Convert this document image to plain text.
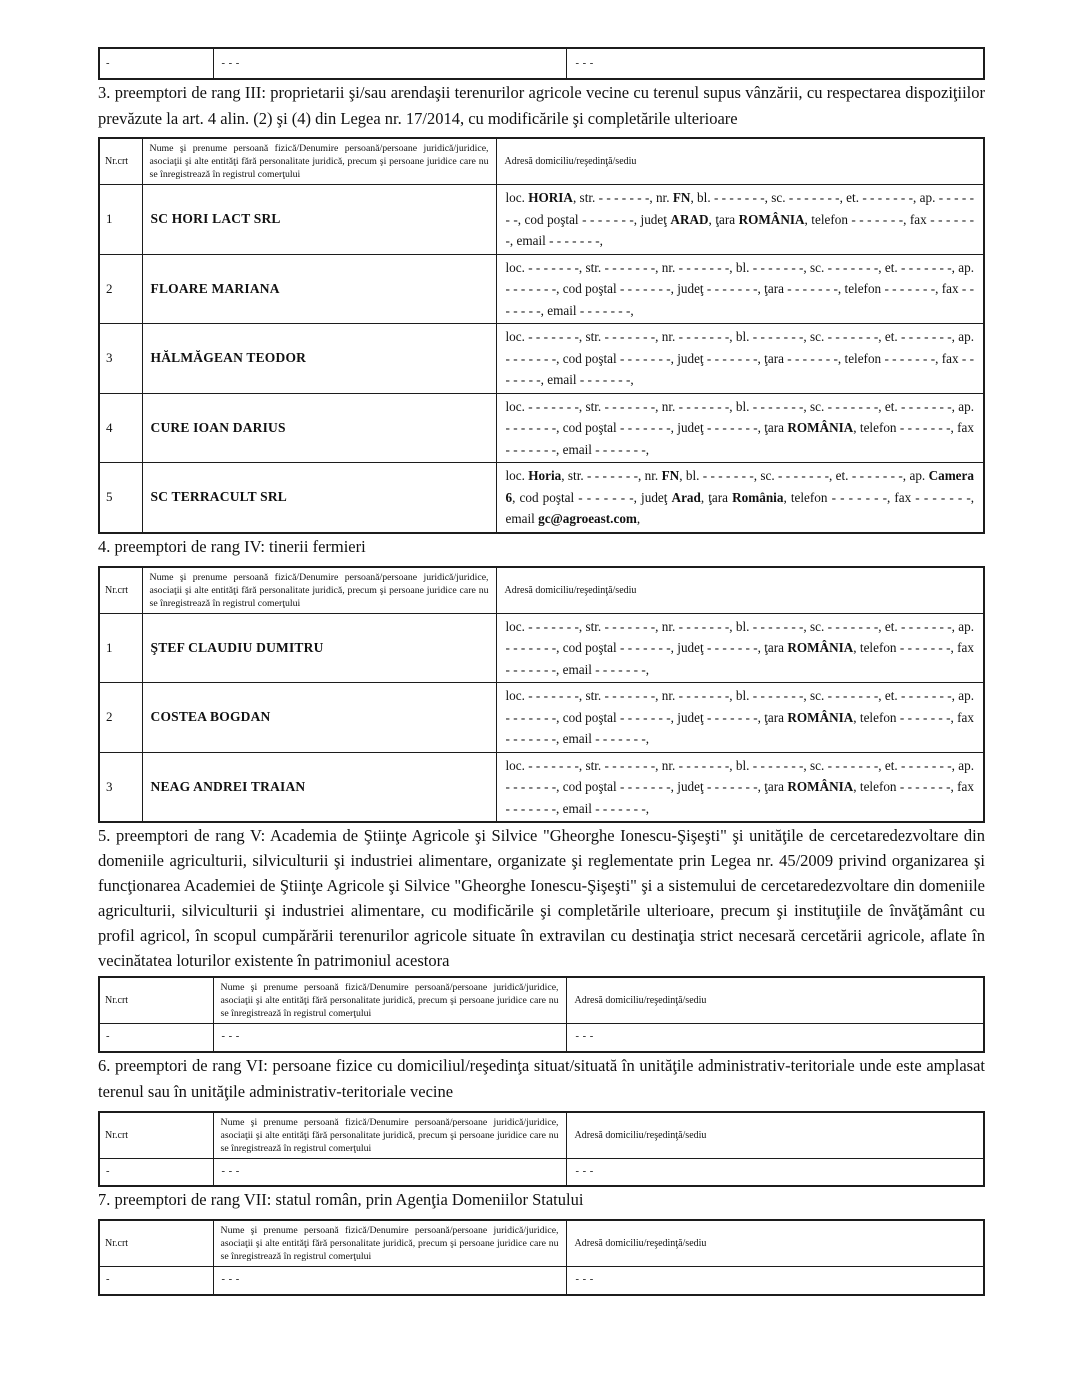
-	- - -	- - -

3. preemptori de rang III: proprietarii şi/sau arendaşii terenurilor agricole vecine cu terenul supus vânzării, cu respectarea dispoziţiilor prevăzute la art. 4 alin. (2) şi (4) din Legea nr. 17/2014, cu modificările şi completările ulterioare

Nr.crt	Nume şi prenume persoană fizică/Denumire persoană/persoane juridică/juridice, asociaţii şi alte entităţi fără personalitate juridică, precum şi persoane juridice care nu se înregistrează în registrul comerţului	Adresă domiciliu/reşedinţă/sediu
1	SC HORI LACT SRL	loc. HORIA, str. - - - - - - -, nr. FN, bl. - - - - - - -, sc. - - - - - - -, et. - - - - - - -, ap. - - - - - - -, cod poştal - - - - - - -, judeţ ARAD, ţara ROMÂNIA, telefon - - - - - - -, fax - - - - - - -, email - - - - - - -,
2	FLOARE MARIANA	loc. - - - - - - -, str. - - - - - - -, nr. - - - - - - -, bl. - - - - - - -, sc. - - - - - - -, et. - - - - - - -, ap. - - - - - - -, cod poştal - - - - - - -, judeţ - - - - - - -, ţara - - - - - - -, telefon - - - - - - -, fax - - - - - - -, email - - - - - - -,
3	HĂLMĂGEAN TEODOR	loc. - - - - - - -, str. - - - - - - -, nr. - - - - - - -, bl. - - - - - - -, sc. - - - - - - -, et. - - - - - - -, ap. - - - - - - -, cod poştal - - - - - - -, judeţ - - - - - - -, ţara - - - - - - -, telefon - - - - - - -, fax - - - - - - -, email - - - - - - -,
4	CURE IOAN DARIUS	loc. - - - - - - -, str. - - - - - - -, nr. - - - - - - -, bl. - - - - - - -, sc. - - - - - - -, et. - - - - - - -, ap. - - - - - - -, cod poştal - - - - - - -, judeţ - - - - - - -, ţara ROMÂNIA, telefon - - - - - - -, fax - - - - - - -, email - - - - - - -,
5	SC TERRACULT SRL	loc. Horia, str. - - - - - - -, nr. FN, bl. - - - - - - -, sc. - - - - - - -, et. - - - - - - -, ap. Camera 6, cod poştal - - - - - - -, judeţ Arad, ţara România, telefon - - - - - - -, fax - - - - - - -, email gc@agroeast.com,

4. preemptori de rang IV: tinerii fermieri

Nr.crt	Nume şi prenume persoană fizică/Denumire persoană/persoane juridică/juridice, asociaţii şi alte entităţi fără personalitate juridică, precum şi persoane juridice care nu se înregistrează în registrul comerţului	Adresă domiciliu/reşedinţă/sediu
1	ŞTEF CLAUDIU DUMITRU	loc. - - - - - - -, str. - - - - - - -, nr. - - - - - - -, bl. - - - - - - -, sc. - - - - - - -, et. - - - - - - -, ap. - - - - - - -, cod poştal - - - - - - -, judeţ - - - - - - -, ţara ROMÂNIA, telefon - - - - - - -, fax - - - - - - -, email - - - - - - -,
2	COSTEA BOGDAN	loc. - - - - - - -, str. - - - - - - -, nr. - - - - - - -, bl. - - - - - - -, sc. - - - - - - -, et. - - - - - - -, ap. - - - - - - -, cod poştal - - - - - - -, judeţ - - - - - - -, ţara ROMÂNIA, telefon - - - - - - -, fax - - - - - - -, email - - - - - - -,
3	NEAG ANDREI TRAIAN	loc. - - - - - - -, str. - - - - - - -, nr. - - - - - - -, bl. - - - - - - -, sc. - - - - - - -, et. - - - - - - -, ap. - - - - - - -, cod poştal - - - - - - -, judeţ - - - - - - -, ţara ROMÂNIA, telefon - - - - - - -, fax - - - - - - -, email - - - - - - -,

5. preemptori de rang V: Academia de Ştiinţe Agricole şi Silvice "Gheorghe Ionescu-Şişeşti" şi unităţile de cercetaredezvoltare din domeniile agriculturii, silviculturii şi industriei alimentare, organizate şi reglementate prin Legea nr. 45/2009 privind organizarea şi funcţionarea Academiei de Ştiinţe Agricole şi Silvice "Gheorghe Ionescu-Şişeşti" şi a sistemului de cercetaredezvoltare din domeniile agriculturii, silviculturii şi industriei alimentare, cu modificările şi completările ulterioare, precum şi instituţiile de învăţământ cu profil agricol, în scopul cumpărării terenurilor agricole situate în extravilan cu destinaţia strict necesară cercetării agricole, aflate în vecinătatea loturilor existente în patrimoniul acestora

Nr.crt	Nume şi prenume persoană fizică/Denumire persoană/persoane juridică/juridice, asociaţii şi alte entităţi fără personalitate juridică, precum şi persoane juridice care nu se înregistrează în registrul comerţului	Adresă domiciliu/reşedinţă/sediu
-	- - -	- - -

6. preemptori de rang VI: persoane fizice cu domiciliul/reşedinţa situat/situată în unităţile administrativ-teritoriale unde este amplasat terenul sau în unităţile administrativ-teritoriale vecine

Nr.crt	Nume şi prenume persoană fizică/Denumire persoană/persoane juridică/juridice, asociaţii şi alte entităţi fără personalitate juridică, precum şi persoane juridice care nu se înregistrează în registrul comerţului	Adresă domiciliu/reşedinţă/sediu
-	- - -	- - -

7. preemptori de rang VII: statul român, prin Agenţia Domeniilor Statului

Nr.crt	Nume şi prenume persoană fizică/Denumire persoană/persoane juridică/juridice, asociaţii şi alte entităţi fără personalitate juridică, precum şi persoane juridice care nu se înregistrează în registrul comerţului	Adresă domiciliu/reşedinţă/sediu
-	- - -	- - -
